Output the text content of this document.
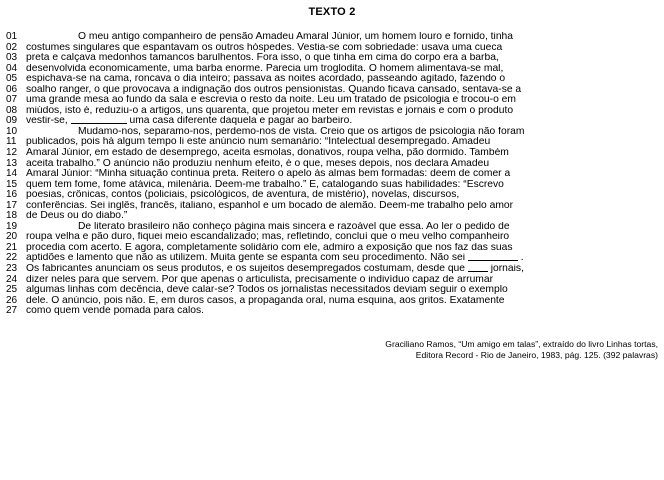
TEXTO 2
01	O meu antigo companheiro de pensão Amadeu Amaral Júnior, um homem louro e fornido, tinha
02 costumes singulares que espantavam os outros hóspedes. Vestia-se com sobriedade: usava uma cueca
03 preta e calçava medonhos tamancos barulhentos. Fora isso, o que tinha em cima do corpo era a barba,
04 desenvolvida economicamente, uma barba enorme. Parecia um troglodita. O homem alimentava-se mal,
05 espichava-se na cama, roncava o dia inteiro; passava as noites acordado, passeando agitado, fazendo o
06 soalho ranger, o que provocava a indignação dos outros pensionistas. Quando ficava cansado, sentava-se a
07 uma grande mesa ao fundo da sala e escrevia o resto da noite. Leu um tratado de psicologia e trocou-o em
08 miúdos, isto é, reduziu-o a artigos, uns quarenta, que projetou meter em revistas e jornais e com o produto
09 vestir-se,	uma casa diferente daquela e pagar ao barbeiro.
10	Mudamo-nos, separamo-nos, perdemo-nos de vista. Creio que os artigos de psicologia não foram
11 publicados, pois há algum tempo li este anúncio num semanário: “Intelectual desempregado. Amadeu
12 Amaral Júnior, em estado de desemprego, aceita esmolas, donativos, roupa velha, pão dormido. Também
13 aceita trabalho.” O anúncio não produziu nenhum efeito, é o que, meses depois, nos declara Amadeu
14 Amaral Júnior: “Minha situação continua preta. Reitero o apelo às almas bem formadas: deem de comer a
15 quem tem fome, fome atávica, milenária. Deem-me trabalho.” E, catalogando suas habilidades: “Escrevo
16 poesias, crônicas, contos (policiais, psicológicos, de aventura, de mistério), novelas, discursos,
17 conferências. Sei inglês, francês, italiano, espanhol e um bocado de alemão. Deem-me trabalho pelo amor
18 de Deus ou do diabo.”
19	De literato brasileiro não conheço página mais sincera e razoável que essa. Ao ler o pedido de
20 roupa velha e pão duro, fiquei meio escandalizado; mas, refletindo, concluí que o meu velho companheiro
21 procedia com acerto. E agora, completamente solidário com ele, admiro a exposição que nos faz das suas
22 aptidões e lamento que não as utilizem. Muita gente se espanta com seu procedimento. Não sei	.
23 Os fabricantes anunciam os seus produtos, e os sujeitos desempregados costumam, desde que  jornais,
24 dizer neles para que servem. Por que apenas o articulista, precisamente o indivíduo capaz de arrumar
25 algumas linhas com decência, deve calar-se? Todos os jornalistas necessitados deviam seguir o exemplo
26 dele. O anúncio, pois não. E, em duros casos, a propaganda oral, numa esquina, aos gritos. Exatamente
27 como quem vende pomada para calos.
Graciliano Ramos, “Um amigo em talas”, extraído do livro Linhas tortas,
Editora Record - Rio de Janeiro, 1983, pág. 125. (392 palavras)
